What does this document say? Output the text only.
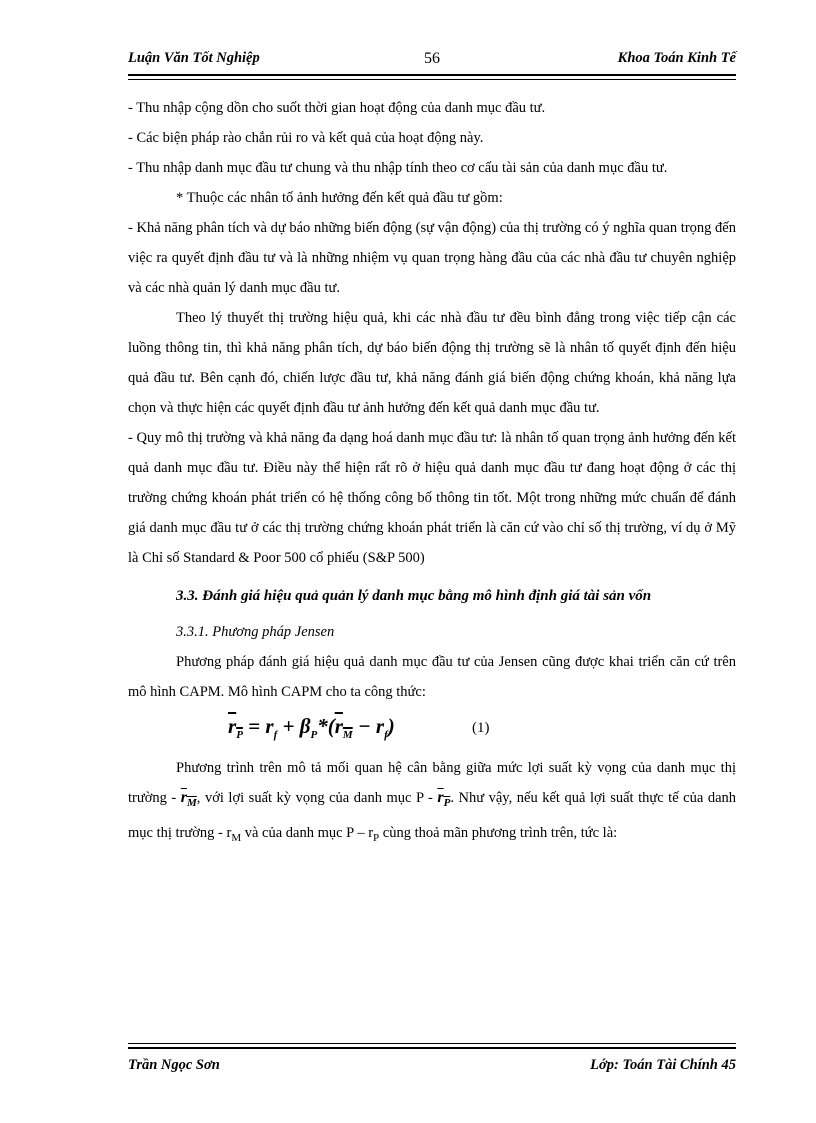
Luận Văn Tốt Nghiệp	56	Khoa Toán Kinh Tế

- Thu nhập cộng dồn cho suốt thời gian hoạt động của danh mục đầu tư.

- Các biện pháp rào chắn rủi ro và kết quả của hoạt động này.

- Thu nhập danh mục đầu tư chung và thu nhập tính theo cơ cấu tài sản của danh mục đầu tư.

* Thuộc các nhân tố ảnh hưởng đến kết quả đầu tư gồm:

- Khả năng phân tích và dự báo những biến động (sự vận động) của thị trường có ý nghĩa quan trọng đến việc ra quyết định đầu tư và là những nhiệm vụ quan trọng hàng đầu của các nhà đầu tư chuyên nghiệp và các nhà quản lý danh mục đầu tư.

Theo lý thuyết thị trường hiệu quả, khi các nhà đầu tư đều bình đẳng trong việc tiếp cận các luồng thông tin, thì khả năng phân tích, dự báo biến động thị trường sẽ là nhân tố quyết định đến hiệu quả đầu tư. Bên cạnh đó, chiến lược đầu tư, khả năng đánh giá biến động chứng khoán, khả năng lựa chọn và thực hiện các quyết định đầu tư ảnh hưởng đến kết quả danh mục đầu tư.

- Quy mô thị trường và khả năng đa dạng hoá danh mục đầu tư: là nhân tố quan trọng ảnh hưởng đến kết quả danh mục đầu tư. Điều này thể hiện rất rõ ở hiệu quả danh mục đầu tư đang hoạt động ở các thị trường chứng khoán phát triển có hệ thống công bố thông tin tốt. Một trong những mức chuẩn để đánh giá danh mục đầu tư ở các thị trường chứng khoán phát triển là căn cứ vào chỉ số thị trường, ví dụ ở Mỹ là Chỉ số Standard & Poor 500 cổ phiếu (S&P 500)

3.3. Đánh giá hiệu quả quản lý danh mục bằng mô hình định giá tài sản vốn

3.3.1. Phương pháp Jensen

Phương pháp đánh giá hiệu quả danh mục đầu tư của Jensen cũng được khai triển căn cứ trên mô hình CAPM. Mô hình CAPM cho ta công thức:

$r_P = r_f + \beta_P*(r_M - r_f)$	(1)

Phương trình trên mô tả mối quan hệ cân bằng giữa mức lợi suất kỳ vọng của danh mục thị trường - $r_M$, với lợi suất kỳ vọng của danh mục P - $r_P$. Như vậy, nếu kết quả lợi suất thực tế của danh mục thị trường - $r_M$ và của danh mục P – $r_P$ cùng thoả mãn phương trình trên, tức là:

Trần Ngọc Sơn	Lớp: Toán Tài Chính 45
